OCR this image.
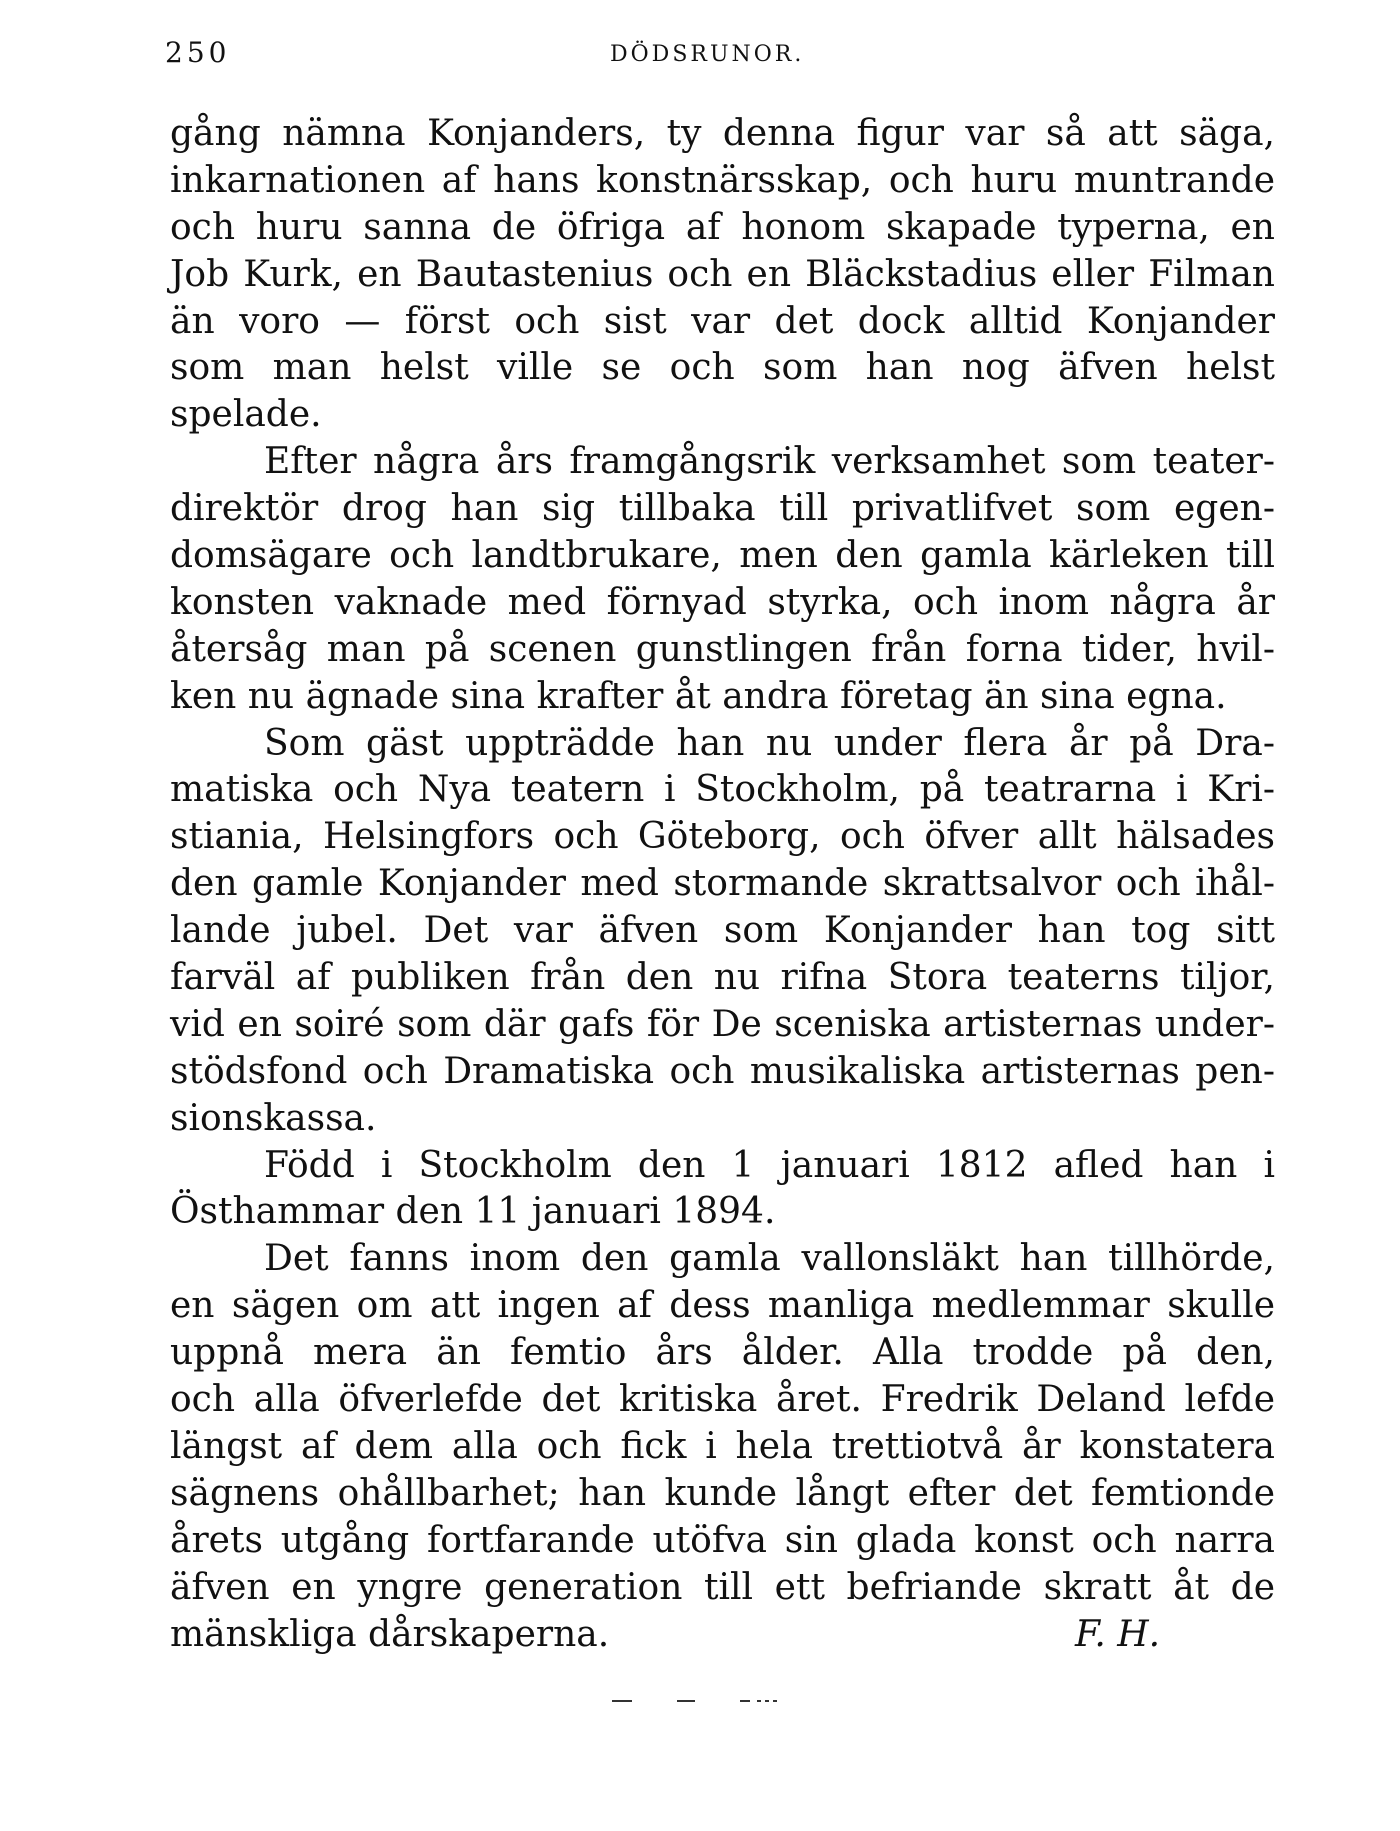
250	DÖDSRUNOR.
gång nämna Konjanders, ty denna figur var så att säga,
inkarnationen af hans konstnärsskap, och huru muntrande
och huru sanna de öfriga af honom skapade typerna, en
Job Kurk, en Bautastenius och en Bläckstadius eller Filman
än voro — först och sist var det dock alltid Konjander
som man helst ville se och som han nog äfven helst
spelade.
Efter några års framgångsrik verksamhet som teater-
direktör drog han sig tillbaka till privatlifvet som egen-
domsägare och landtbrukare, men den gamla kärleken till
konsten vaknade med förnyad styrka, och inom några år
återsåg man på scenen gunstlingen från forna tider, hvil-
ken nu ägnade sina krafter åt andra företag än sina egna.
Som gäst uppträdde han nu under flera år på Dra-
matiska och Nya teatern i Stockholm, på teatrarna i Kri-
stiania, Helsingfors och Göteborg, och öfver allt hälsades
den gamle Konjander med stormande skrattsalvor och ihål-
lande jubel. Det var äfven som Konjander han tog sitt
farväl af publiken från den nu rifna Stora teaterns tiljor,
vid en soiré som där gafs för De sceniska artisternas under-
stödsfond och Dramatiska och musikaliska artisternas pen-
sionskassa.
Född i Stockholm den 1 januari 1812 afled han i
Östhammar den 11 januari 1894.
Det fanns inom den gamla vallonsläkt han tillhörde,
en sägen om att ingen af dess manliga medlemmar skulle
uppnå mera än femtio års ålder. Alla trodde på den,
och alla öfverlefde det kritiska året. Fredrik Deland lefde
längst af dem alla och fick i hela trettiotvå år konstatera
sägnens ohållbarhet; han kunde långt efter det femtionde
årets utgång fortfarande utöfva sin glada konst och narra
äfven en yngre generation till ett befriande skratt åt de
mänskliga dårskaperna.	F. H.
